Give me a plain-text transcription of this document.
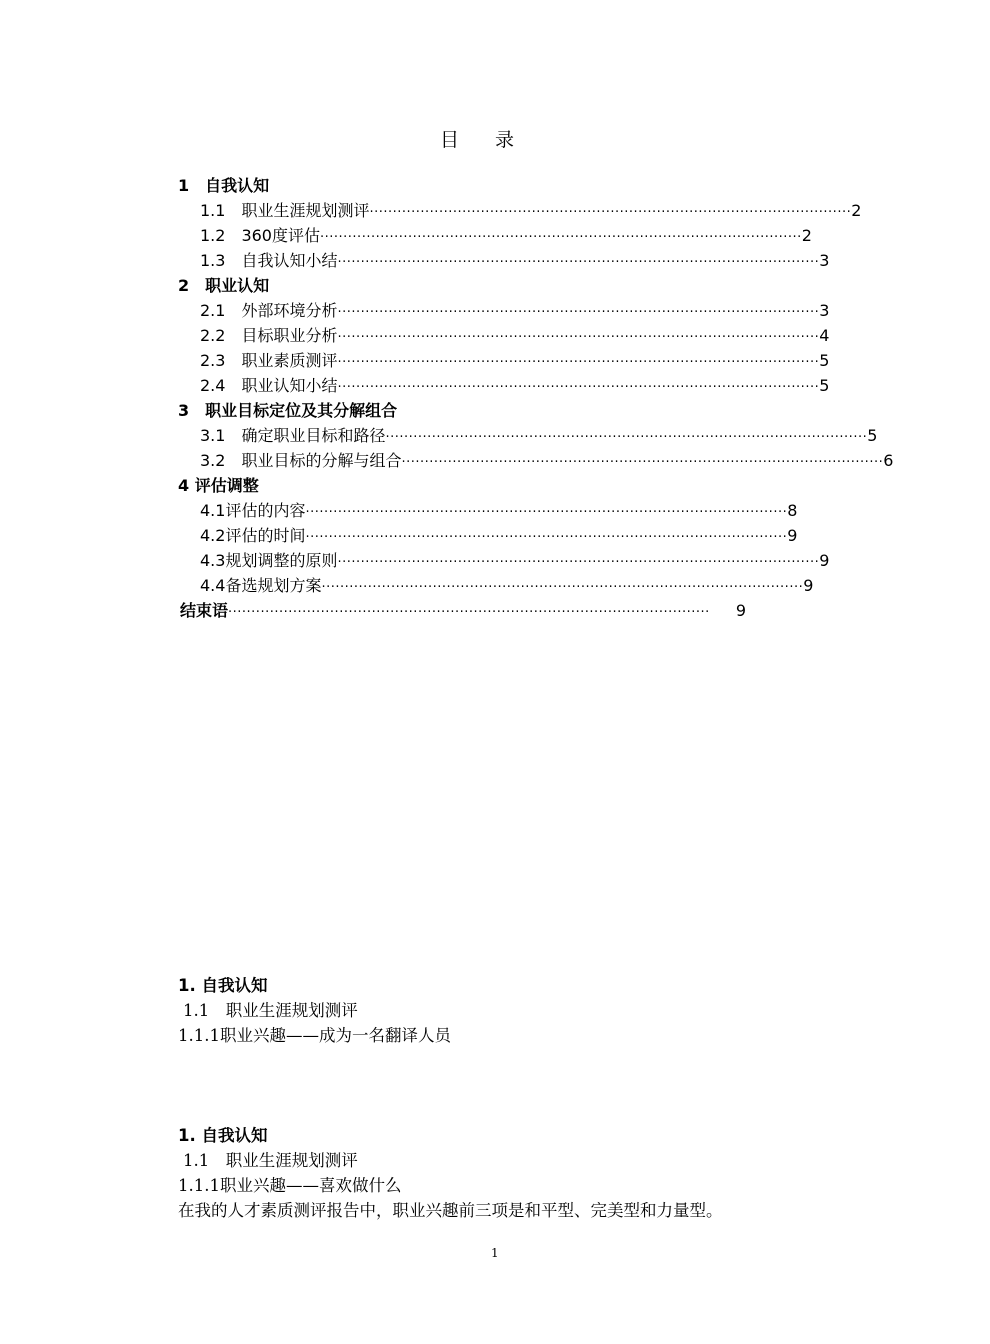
目录
1　自我认知
1.1　职业生涯规划测评 ········································································································ 2
1.2　360度评估 ········································································································ 2
1.3　自我认知小结 ········································································································ 3
2　职业认知
2.1　外部环境分析 ········································································································ 3
2.2　目标职业分析 ········································································································ 4
2.3　职业素质测评 ········································································································ 5
2.4　职业认知小结 ········································································································ 5
3　职业目标定位及其分解组合
3.1　确定职业目标和路径 ········································································································ 5
3.2　职业目标的分解与组合 ········································································································ 6
4 评估调整
4.1评估的内容 ········································································································ 8
4.2评估的时间 ········································································································ 9
4.3规划调整的原则 ········································································································ 9
4.4备选规划方案 ········································································································ 9
结束语 ········································································································	9
1. 自我认知
1.1　职业生涯规划测评
1.1.1职业兴趣——成为一名翻译人员
1. 自我认知
1.1　职业生涯规划测评
1.1.1职业兴趣——喜欢做什么
在我的人才素质测评报告中，职业兴趣前三项是和平型、完美型和力量型。
1
